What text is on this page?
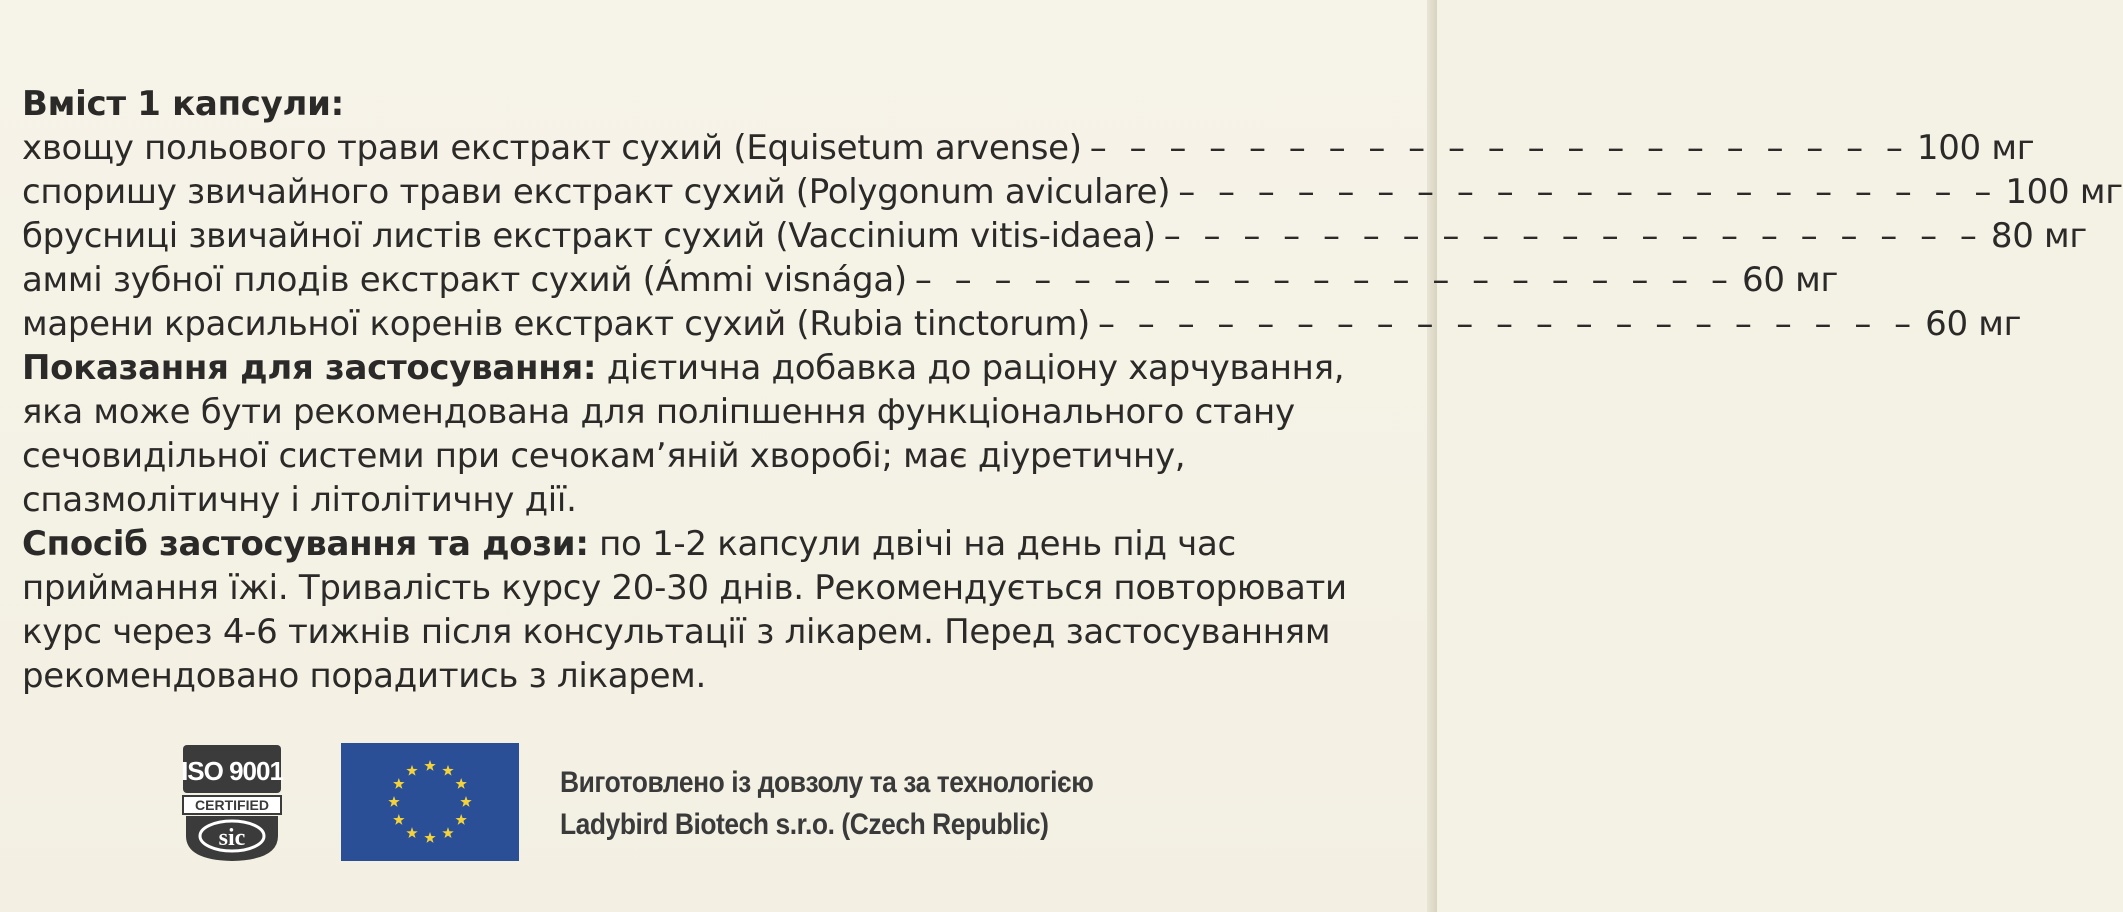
Вміст 1 капсули:
хвощу польового трави екстракт сухий (Equisetum arvense) – – – – – – – – – – – – – – – – – – – – – 100 мг
споришу звичайного трави екстракт сухий (Polygonum aviculare) – – – – – – – – – – – – – – – – – – – – – 100 мг
брусниці звичайної листів екстракт сухий (Vaccinium vitis-idaea) – – – – – – – – – – – – – – – – – – – – – 80 мг
аммі зубної плодів екстракт сухий (Ámmi visnága) – – – – – – – – – – – – – – – – – – – – – 60 мг
марени красильної коренів екстракт сухий (Rubia tinctorum) – – – – – – – – – – – – – – – – – – – – – 60 мг

Показання для застосування: дієтична добавка до раціону харчування, яка може бути рекомендована для поліпшення функціонального стану сечовидільної системи при сечокам’яній хворобі; має діуретичну, спазмолітичну і літолітичну дії.

Спосіб застосування та дози: по 1-2 капсули двічі на день під час приймання їжі. Тривалість курсу 20-30 днів. Рекомендується повторювати курс через 4-6 тижнів після консультації з лікарем. Перед застосуванням рекомендовано порадитись з лікарем.

ISO 9001
CERTIFIED
sic
Виготовлено із довзолу та за технологією
Ladybird Biotech s.r.o. (Czech Republic)
